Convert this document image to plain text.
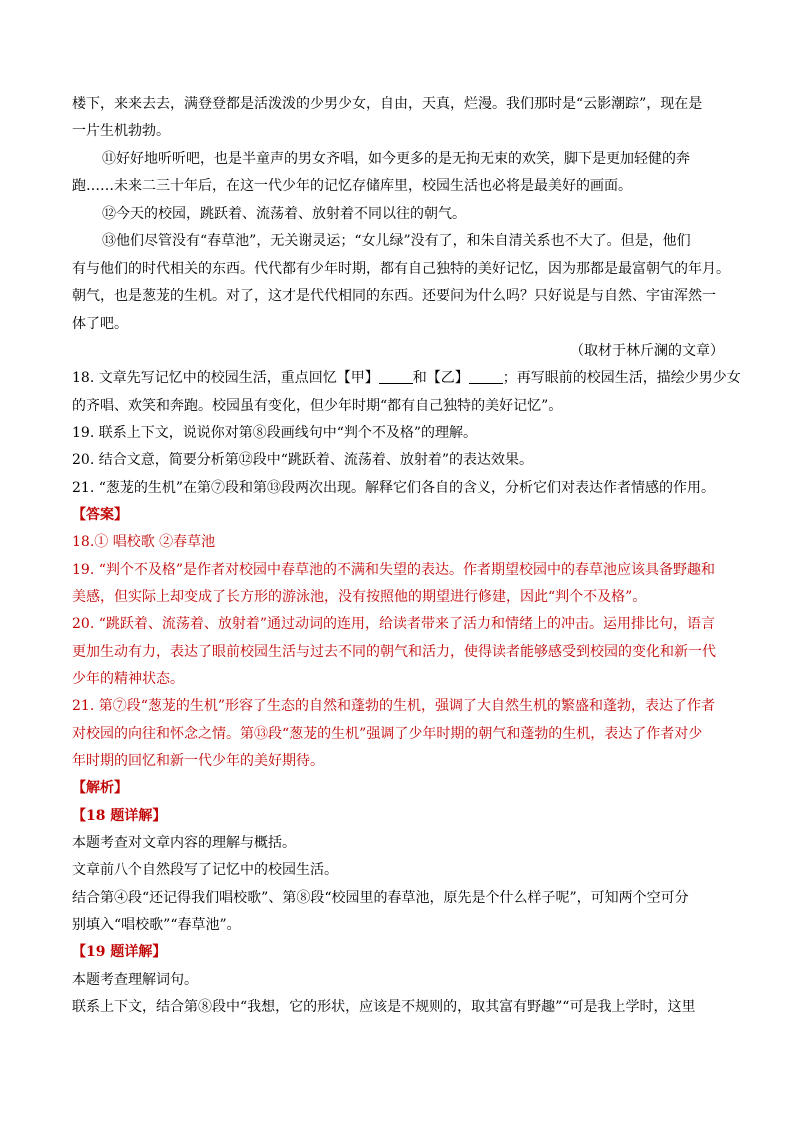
楼下，来来去去，满登登都是活泼泼的少男少女，自由，天真，烂漫。我们那时是“云影潮踪”，现在是
一片生机勃勃。
⑪好好地听听吧，也是半童声的男女齐唱，如今更多的是无拘无束的欢笑，脚下是更加轻健的奔
跑……未来二三十年后，在这一代少年的记忆存储库里，校园生活也必将是最美好的画面。
⑫今天的校园，跳跃着、流荡着、放射着不同以往的朝气。
⑬他们尽管没有“春草池”，无关谢灵运；“女儿绿”没有了，和朱自清关系也不大了。但是，他们
有与他们的时代相关的东西。代代都有少年时期，都有自己独特的美好记忆，因为那都是最富朝气的年月。
朝气，也是葱茏的生机。对了，这才是代代相同的东西。还要问为什么吗？只好说是与自然、宇宙浑然一
体了吧。
（取材于林斤澜的文章）
18. 文章先写记忆中的校园生活，重点回忆【甲】 和【乙】 ；再写眼前的校园生活，描绘少男少女
的齐唱、欢笑和奔跑。校园虽有变化，但少年时期“都有自己独特的美好记忆”。
19. 联系上下文，说说你对第⑧段画线句中“判个不及格”的理解。
20. 结合文意，简要分析第⑫段中“跳跃着、流荡着、放射着”的表达效果。
21. “葱茏的生机”在第⑦段和第⑬段两次出现。解释它们各自的含义，分析它们对表达作者情感的作用。
【答案】
18.① 唱校歌 ②春草池
19. “判个不及格”是作者对校园中春草池的不满和失望的表达。作者期望校园中的春草池应该具备野趣和
美感，但实际上却变成了长方形的游泳池，没有按照他的期望进行修建，因此“判个不及格”。
20. “跳跃着、流荡着、放射着”通过动词的连用，给读者带来了活力和情绪上的冲击。运用排比句，语言
更加生动有力，表达了眼前校园生活与过去不同的朝气和活力，使得读者能够感受到校园的变化和新一代
少年的精神状态。
21. 第⑦段“葱茏的生机”形容了生态的自然和蓬勃的生机，强调了大自然生机的繁盛和蓬勃，表达了作者
对校园的向往和怀念之情。第⑬段“葱茏的生机”强调了少年时期的朝气和蓬勃的生机，表达了作者对少
年时期的回忆和新一代少年的美好期待。
【解析】
【18 题详解】
本题考查对文章内容的理解与概括。
文章前八个自然段写了记忆中的校园生活。
结合第④段“还记得我们唱校歌”、第⑧段“校园里的春草池，原先是个什么样子呢”，可知两个空可分
别填入“唱校歌”“春草池”。
【19 题详解】
本题考查理解词句。
联系上下文，结合第⑧段中“我想，它的形状，应该是不规则的，取其富有野趣”“可是我上学时，这里
